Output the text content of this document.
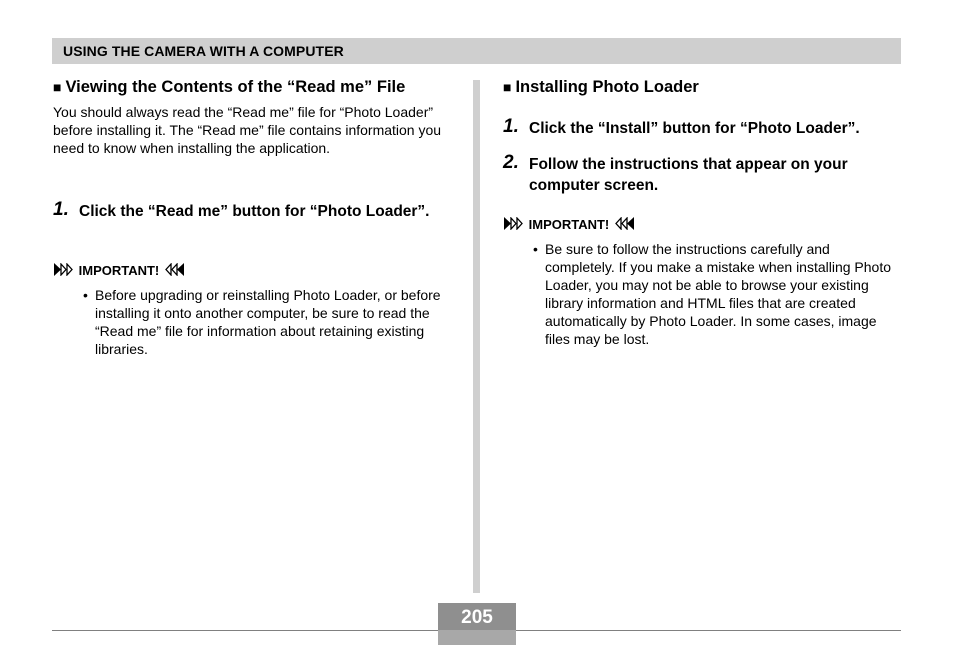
USING THE CAMERA WITH A COMPUTER
■ Viewing the Contents of the “Read me” File
You should always read the “Read me” file for “Photo Loader” before installing it. The “Read me” file contains information you need to know when installing the application.
1. Click the “Read me” button for “Photo Loader”.
IMPORTANT!
• Before upgrading or reinstalling Photo Loader, or before installing it onto another computer, be sure to read the “Read me” file for information about retaining existing libraries.
■ Installing Photo Loader
1. Click the “Install” button for “Photo Loader”.
2. Follow the instructions that appear on your computer screen.
IMPORTANT!
• Be sure to follow the instructions carefully and completely. If you make a mistake when installing Photo Loader, you may not be able to browse your existing library information and HTML files that are created automatically by Photo Loader. In some cases, image files may be lost.
205
